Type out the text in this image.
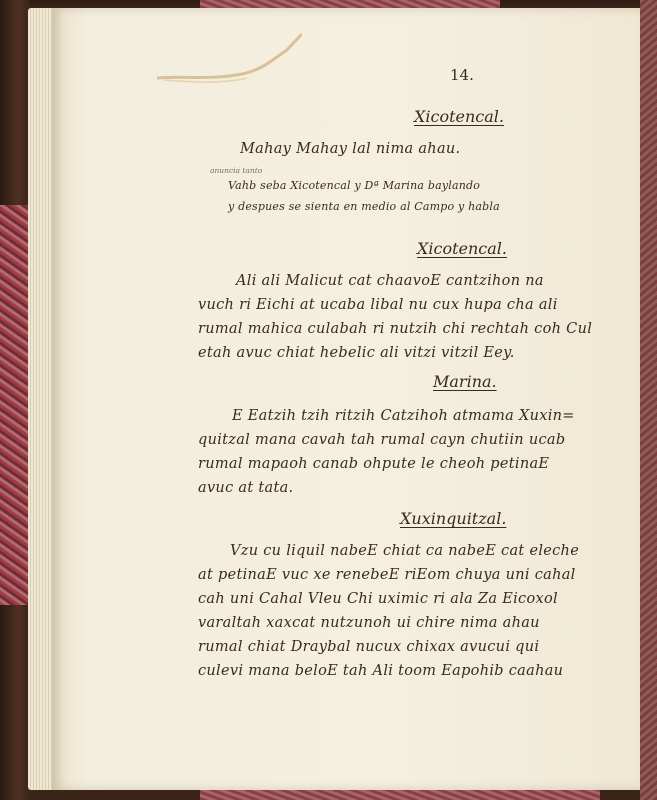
14.
Xicotencal.
Mahay Mahay lal nima ahau.
anuncia tanto
Vahb seba Xicotencal y Dª Marina baylando
y despues se sienta en medio al Campo y habla
Xicotencal.
Ali ali Malicut cat chaavoE cantzihon na
vuch ri Eichi at ucaba libal nu cux hupa cha ali
rumal mahica culabah ri nutzih chi rechtah coh Cul
etah avuc chiat hebelic ali vitzi vitzil Eey.
Marina.
E Eatzih tzih ritzih Catzihoh atmama Xuxin=
quitzal mana cavah tah rumal cayn chutiin ucab
rumal mapaoh canab ohpute le cheoh petinaE
avuc at tata.
Xuxinquitzal.
Vzu cu liquil nabeE chiat ca nabeE cat eleche
at petinaE vuc xe renebeE riEom chuya uni cahal
cah uni Cahal Vleu Chi uximic ri ala Za Eicoxol
varaltah xaxcat nutzunoh ui chire nima ahau
rumal chiat Draybal nucux chixax avucui qui
culevi mana beloE tah Ali toom Eapohib caahau
